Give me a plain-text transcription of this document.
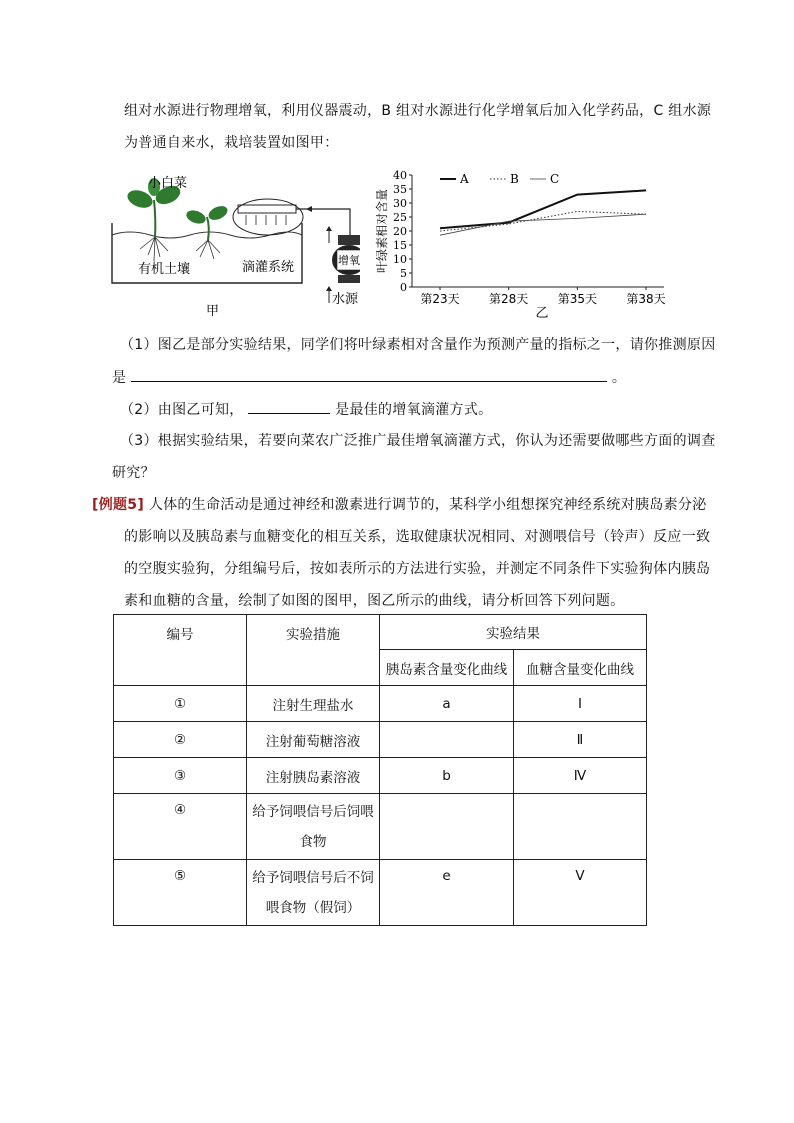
组对水源进行物理增氧，利用仪器震动，B 组对水源进行化学增氧后加入化学药品，C 组水源
为普通自来水，栽培装置如图甲：
增氧
水源
小白菜
有机土壤	滴灌系统
甲
0
5
10
15
20
25
30
35
40
第23天 第28天 第35天 第38天
叶绿素相对含量
乙
A	B	C
（1）图乙是部分实验结果，同学们将叶绿素相对含量作为预测产量的指标之一，请你推测原因
是	。
（2）由图乙可知，	是最佳的增氧滴灌方式。
（3）根据实验结果，若要向菜农广泛推广最佳增氧滴灌方式，你认为还需要做哪些方面的调查
研究？
[例题5] 人体的生命活动是通过神经和激素进行调节的，某科学小组想探究神经系统对胰岛素分泌
的影响以及胰岛素与血糖变化的相互关系，选取健康状况相同、对测喂信号（铃声）反应一致
的空腹实验狗，分组编号后，按如表所示的方法进行实验，并测定不同条件下实验狗体内胰岛
素和血糖的含量，绘制了如图的图甲，图乙所示的曲线，请分析回答下列问题。
编号	实验措施	实验结果	
		胰岛素含量变化曲线	血糖含量变化曲线
①	注射生理盐水	a	Ⅰ
②	注射葡萄糖溶液		Ⅱ
③	注射胰岛素溶液	b	Ⅳ
④	给予饲喂信号后饲喂
食物		

⑤	给予饲喂信号后不饲
喂食物（假饲）	e	Ⅴ
